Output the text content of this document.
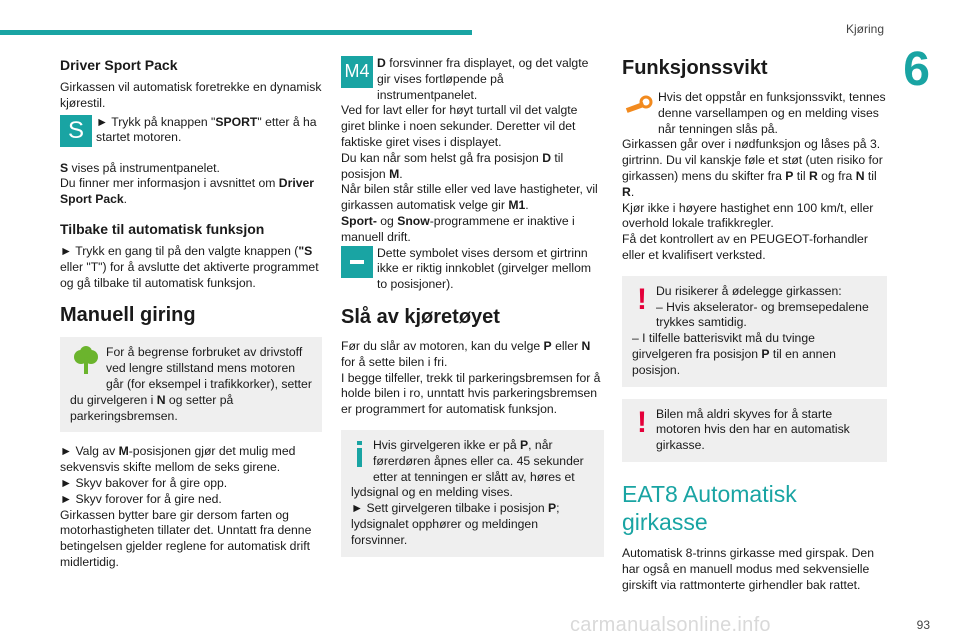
Kjøring
6
Driver Sport Pack

Girkassen vil automatisk foretrekke en dynamisk kjørestil.

S ► Trykk på knappen "SPORT" etter å ha startet motoren.

S vises på instrumentpanelet.

Du finner mer informasjon i avsnittet om Driver Sport Pack.

Tilbake til automatisk funksjon

► Trykk en gang til på den valgte knappen ("S eller "T") for å avslutte det aktiverte programmet og gå tilbake til automatisk funksjon.

Manuell giring

For å begrense forbruket av drivstoff ved lengre stillstand mens motoren går (for eksempel i trafikkorker), setter du girvelgeren i N og setter på parkeringsbremsen.

► Valg av M-posisjonen gjør det mulig med sekvensvis skifte mellom de seks girene.

► Skyv bakover for å gire opp.

► Skyv forover for å gire ned.

Girkassen bytter bare gir dersom farten og motorhastigheten tillater det. Unntatt fra denne betingelsen gjelder reglene for automatisk drift midlertidig.

M4 D forsvinner fra displayet, og det valgte gir vises fortløpende på instrumentpanelet.

Ved for lavt eller for høyt turtall vil det valgte giret blinke i noen sekunder. Deretter vil det faktiske giret vises i displayet.

Du kan når som helst gå fra posisjon D til posisjon M.

Når bilen står stille eller ved lave hastigheter, vil girkassen automatisk velge gir M1.

Sport- og Snow-programmene er inaktive i manuell drift.

Dette symbolet vises dersom et girtrinn ikke er riktig innkoblet (girvelger mellom to posisjoner).

Slå av kjøretøyet

Før du slår av motoren, kan du velge P eller N for å sette bilen i fri.

I begge tilfeller, trekk til parkeringsbremsen for å holde bilen i ro, unntatt hvis parkeringsbremsen er programmert for automatisk funksjon.

Hvis girvelgeren ikke er på P, når førerdøren åpnes eller ca. 45 sekunder etter at tenningen er slått av, høres et lydsignal og en melding vises.

► Sett girvelgeren tilbake i posisjon P;

lydsignalet opphører og meldingen forsvinner.

Funksjonssvikt

Hvis det oppstår en funksjonssvikt, tennes denne varsellampen og en melding vises når tenningen slås på.

Girkassen går over i nødfunksjon og låses på 3. girtrinn. Du vil kanskje føle et støt (uten risiko for girkassen) mens du skifter fra P til R og fra N til R.

Kjør ikke i høyere hastighet enn 100 km/t, eller overhold lokale trafikkregler.

Få det kontrollert av en PEUGEOT-forhandler eller et kvalifisert verksted.

! Du risikerer å ødelegge girkassen:

– Hvis akselerator- og bremsepedalene trykkes samtidig.

– I tilfelle batterisvikt må du tvinge girvelgeren fra posisjon P til en annen posisjon.

! Bilen må aldri skyves for å starte motoren hvis den har en automatisk girkasse.

EAT8 Automatisk girkasse

Automatisk 8-trinns girkasse med girspak. Den har også en manuell modus med sekvensielle girskift via rattmonterte girhendler bak rattet.

carmanualsonline.info	93
